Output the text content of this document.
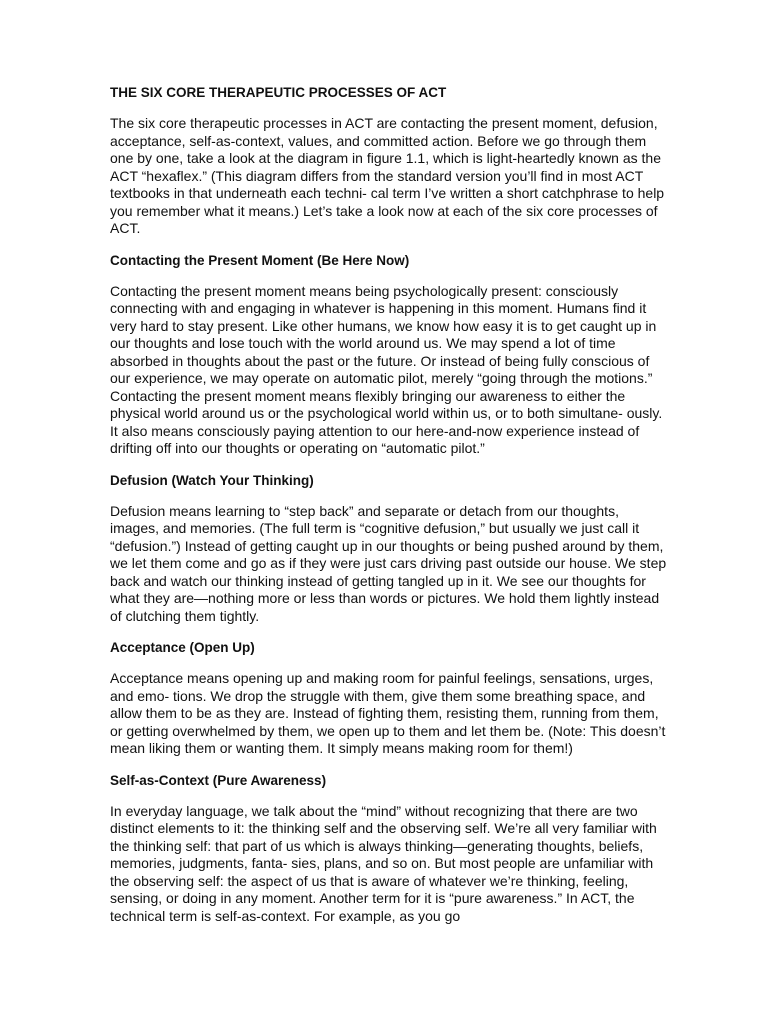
THE SIX CORE THERAPEUTIC PROCESSES OF ACT

The six core therapeutic processes in ACT are contacting the present moment, defusion, acceptance, self-as-context, values, and committed action. Before we go through them one by one, take a look at the diagram in figure 1.1, which is light-heartedly known as the ACT “hexaflex.” (This diagram differs from the standard version you’ll find in most ACT textbooks in that underneath each techni- cal term I’ve written a short catchphrase to help you remember what it means.) Let’s take a look now at each of the six core processes of ACT.

Contacting the Present Moment (Be Here Now)

Contacting the present moment means being psychologically present: consciously connecting with and engaging in whatever is happening in this moment. Humans find it very hard to stay present. Like other humans, we know how easy it is to get caught up in our thoughts and lose touch with the world around us. We may spend a lot of time absorbed in thoughts about the past or the future. Or instead of being fully conscious of our experience, we may operate on automatic pilot, merely “going through the motions.” Contacting the present moment means flexibly bringing our awareness to either the physical world around us or the psychological world within us, or to both simultane- ously. It also means consciously paying attention to our here-and-now experience instead of drifting off into our thoughts or operating on “automatic pilot.”

Defusion (Watch Your Thinking)

Defusion means learning to “step back” and separate or detach from our thoughts, images, and memories. (The full term is “cognitive defusion,” but usually we just call it “defusion.”) Instead of getting caught up in our thoughts or being pushed around by them, we let them come and go as if they were just cars driving past outside our house. We step back and watch our thinking instead of getting tangled up in it. We see our thoughts for what they are—nothing more or less than words or pictures. We hold them lightly instead of clutching them tightly.

Acceptance (Open Up)

Acceptance means opening up and making room for painful feelings, sensations, urges, and emo- tions. We drop the struggle with them, give them some breathing space, and allow them to be as they are. Instead of fighting them, resisting them, running from them, or getting overwhelmed by them, we open up to them and let them be. (Note: This doesn’t mean liking them or wanting them. It simply means making room for them!)

Self-as-Context (Pure Awareness)

In everyday language, we talk about the “mind” without recognizing that there are two distinct elements to it: the thinking self and the observing self. We’re all very familiar with the thinking self: that part of us which is always thinking—generating thoughts, beliefs, memories, judgments, fanta- sies, plans, and so on. But most people are unfamiliar with the observing self: the aspect of us that is aware of whatever we’re thinking, feeling, sensing, or doing in any moment. Another term for it is “pure awareness.” In ACT, the technical term is self-as-context. For example, as you go
